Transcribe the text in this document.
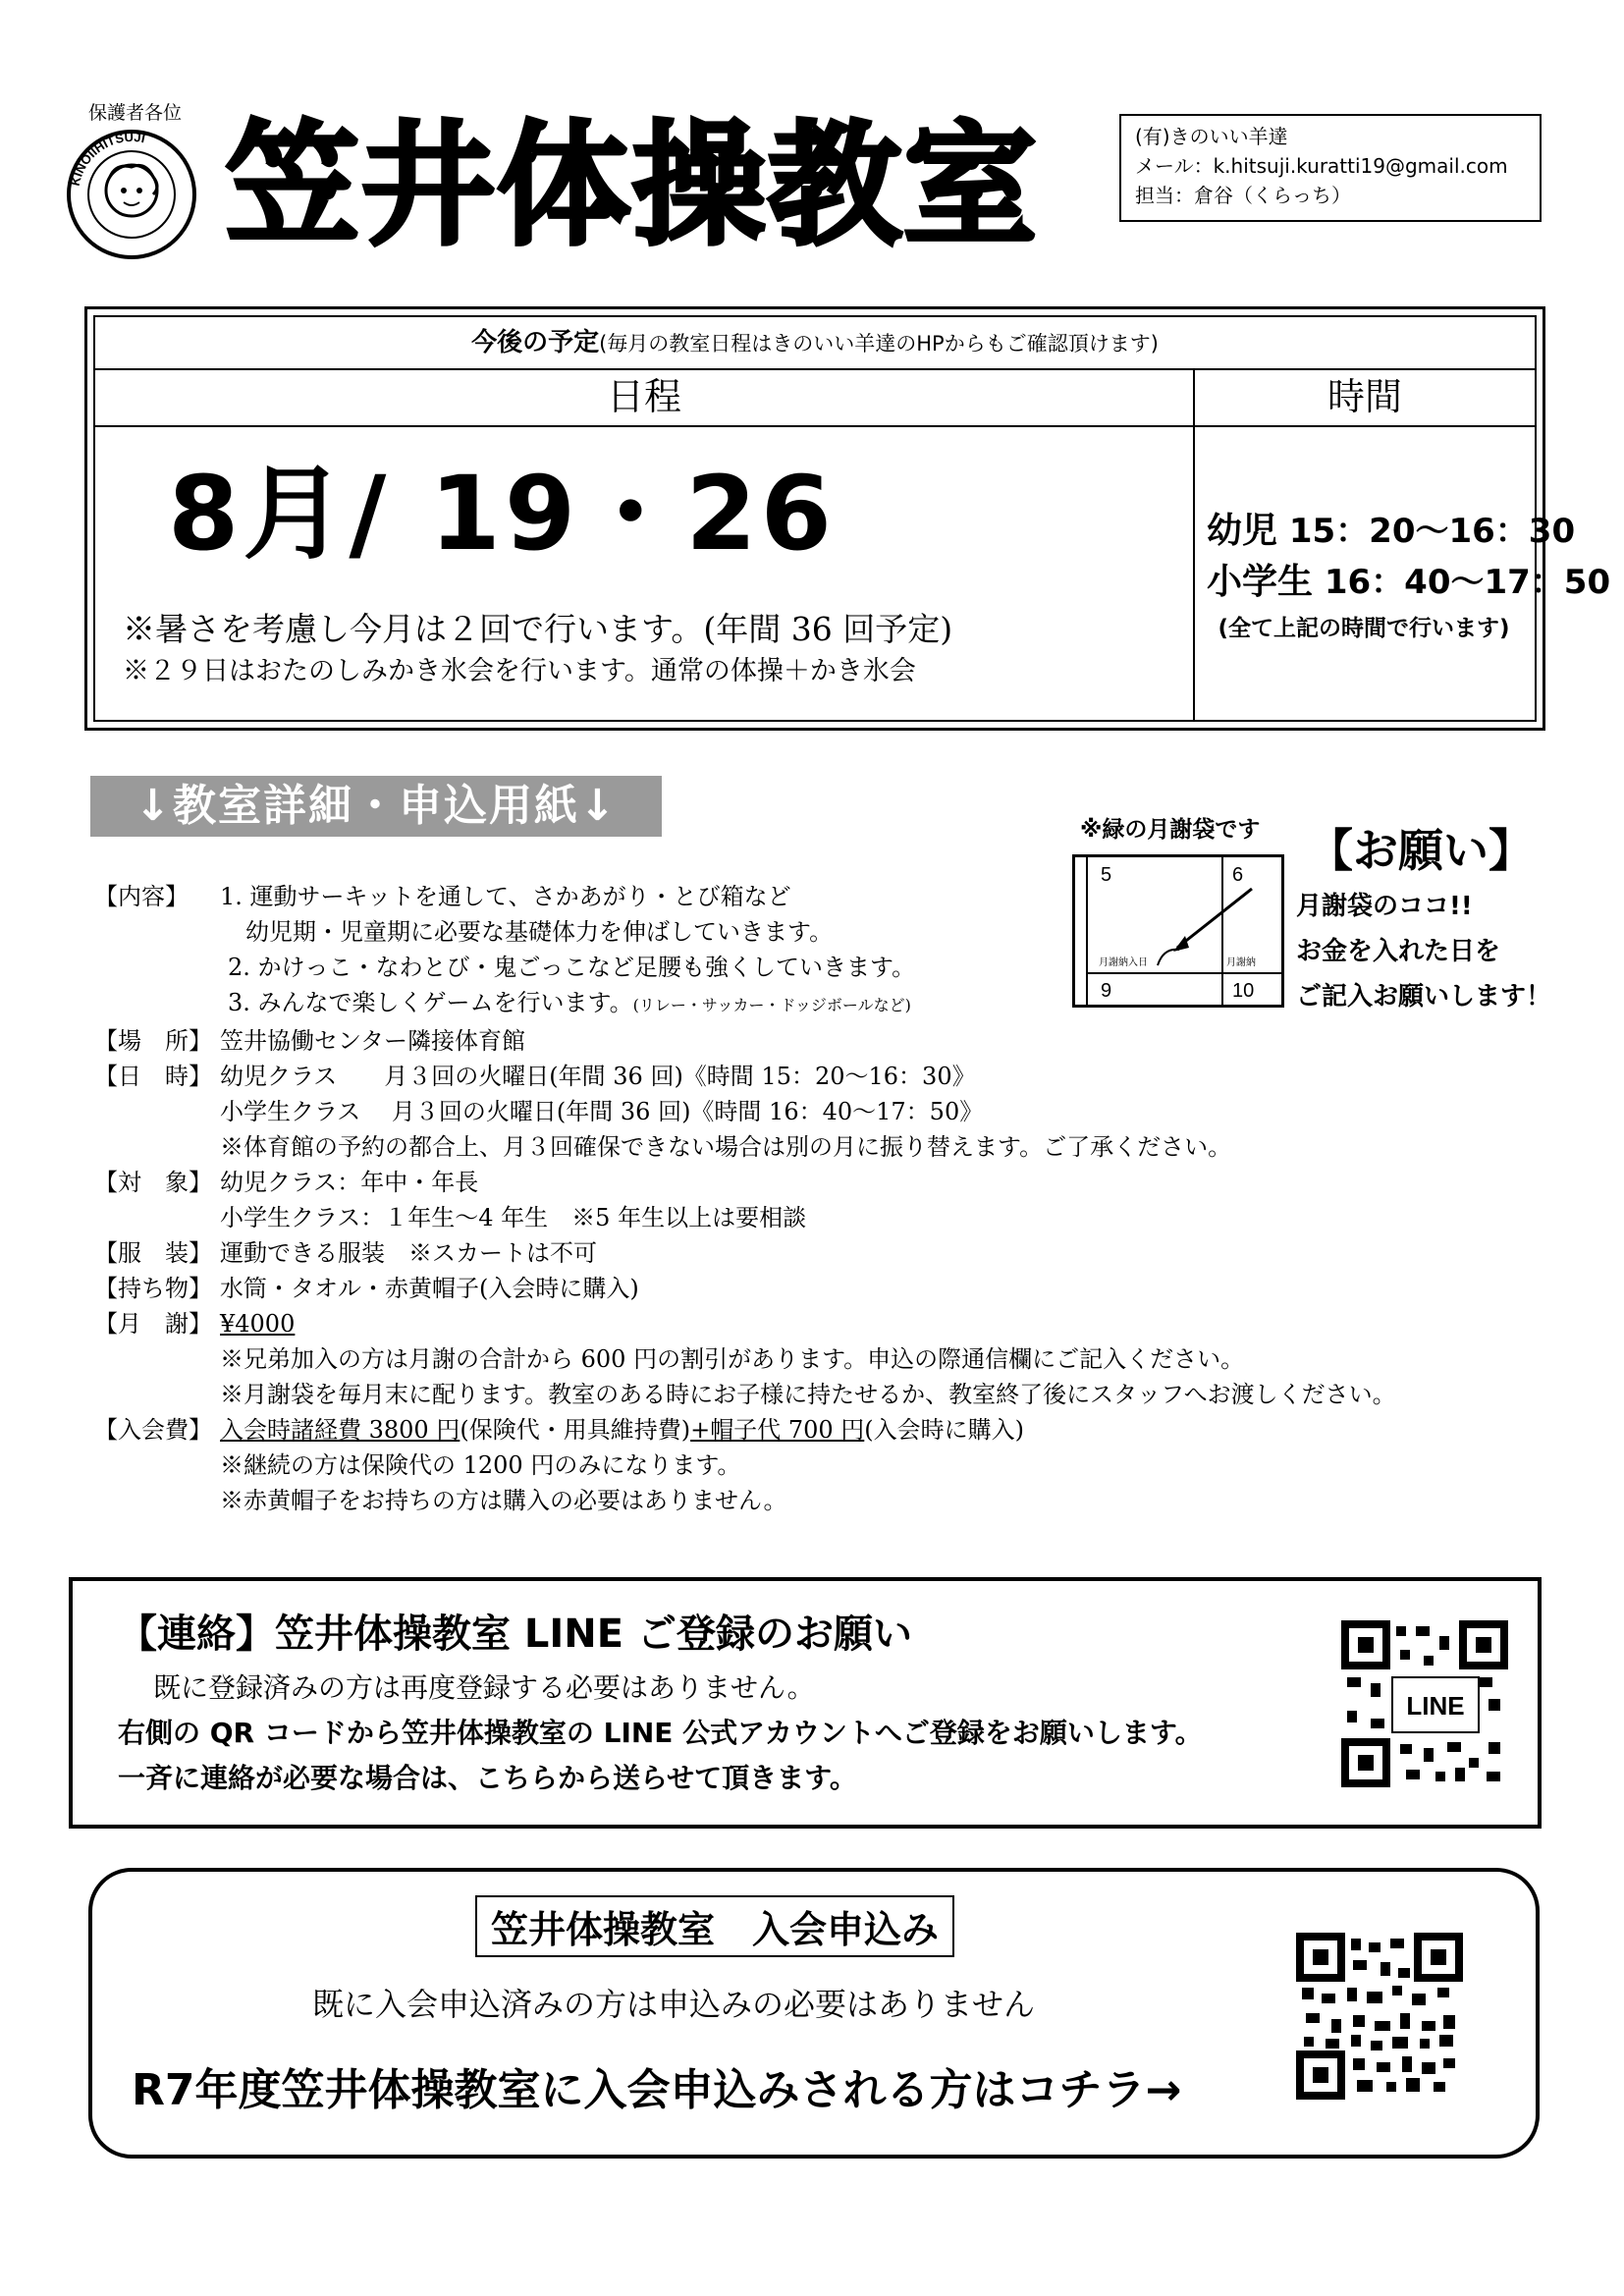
保護者各位
KINOIIHITSUJI 笠井体操教室	(有)きのいい羊達
メール：k.hitsuji.kuratti19@gmail.com
担当：倉谷（くらっち）
今後の予定(毎月の教室日程はきのいい羊達のHPからもご確認頂けます)
日程	時間
8月/ 19・26
※暑さを考慮し今月は２回で行います。(年間 36 回予定)
※２９日はおたのしみかき氷会を行います。通常の体操＋かき氷会
幼児 15：20～16：30
小学生 16：40～17：50
(全て上記の時間で行います)
↓教室詳細・申込用紙↓	※緑の月謝袋です
5	6
9	10
月謝納入日	月謝納
【お願い】
月謝袋のココ!!
お金を入れた日を
ご記入お願いします！
【内容】 1. 運動サーキットを通して、さかあがり・とび箱など
幼児期・児童期に必要な基礎体力を伸ばしていきます。
2. かけっこ・なわとび・鬼ごっこなど足腰も強くしていきます。
3. みんなで楽しくゲームを行います。(リレー・サッカー・ドッジボールなど)
【場　所】 笠井協働センター隣接体育館
【日　時】 幼児クラス　　月３回の火曜日(年間 36 回)《時間 15：20～16：30》
小学生クラス　 月３回の火曜日(年間 36 回)《時間 16：40～17：50》
※体育館の予約の都合上、月３回確保できない場合は別の月に振り替えます。ご了承ください。
【対　象】 幼児クラス：年中・年長
小学生クラス：１年生～4 年生　※5 年生以上は要相談
【服　装】 運動できる服装　※スカートは不可
【持ち物】 水筒・タオル・赤黄帽子(入会時に購入)
【月　謝】 ¥4000
※兄弟加入の方は月謝の合計から 600 円の割引があります。申込の際通信欄にご記入ください。
※月謝袋を毎月末に配ります。教室のある時にお子様に持たせるか、教室終了後にスタッフへお渡しください。
【入会費】 入会時諸経費 3800 円(保険代・用具維持費)+帽子代 700 円(入会時に購入)
※継続の方は保険代の 1200 円のみになります。
※赤黄帽子をお持ちの方は購入の必要はありません。
【連絡】笠井体操教室 LINE ご登録のお願い
既に登録済みの方は再度登録する必要はありません。
右側の QR コードから笠井体操教室の LINE 公式アカウントへご登録をお願いします。
一斉に連絡が必要な場合は、こちらから送らせて頂きます。
LINE
笠井体操教室　入会申込み
既に入会申込済みの方は申込みの必要はありません
R7年度笠井体操教室に入会申込みされる方はコチラ→
